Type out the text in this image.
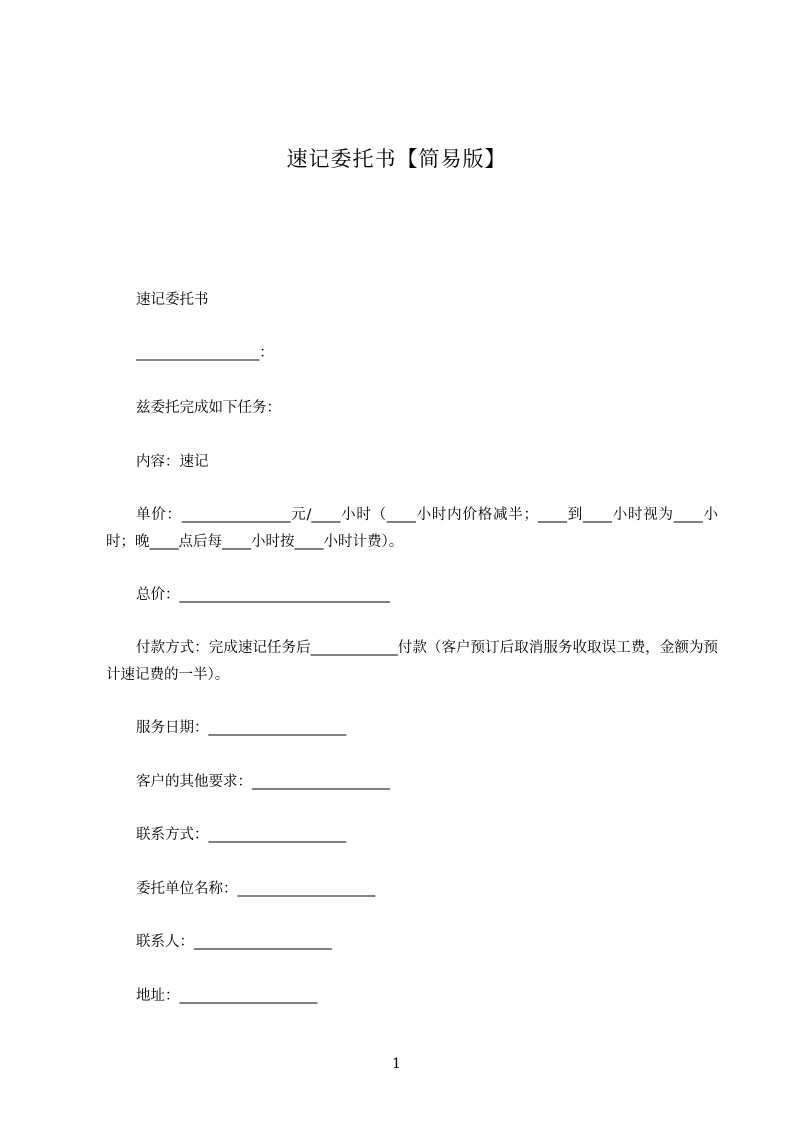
速记委托书【简易版】
速记委托书
_________________：
兹委托完成如下任务：
内容：速记
单价：_______________元/____小时（____小时内价格减半；____到____小时视为____小时；晚____点后每____小时按____小时计费）。
总价：_____________________________
付款方式：完成速记任务后____________付款（客户预订后取消服务收取误工费，金额为预计速记费的一半）。
服务日期：___________________
客户的其他要求：___________________
联系方式：___________________
委托单位名称：___________________
联系人：___________________
地址：___________________
1
